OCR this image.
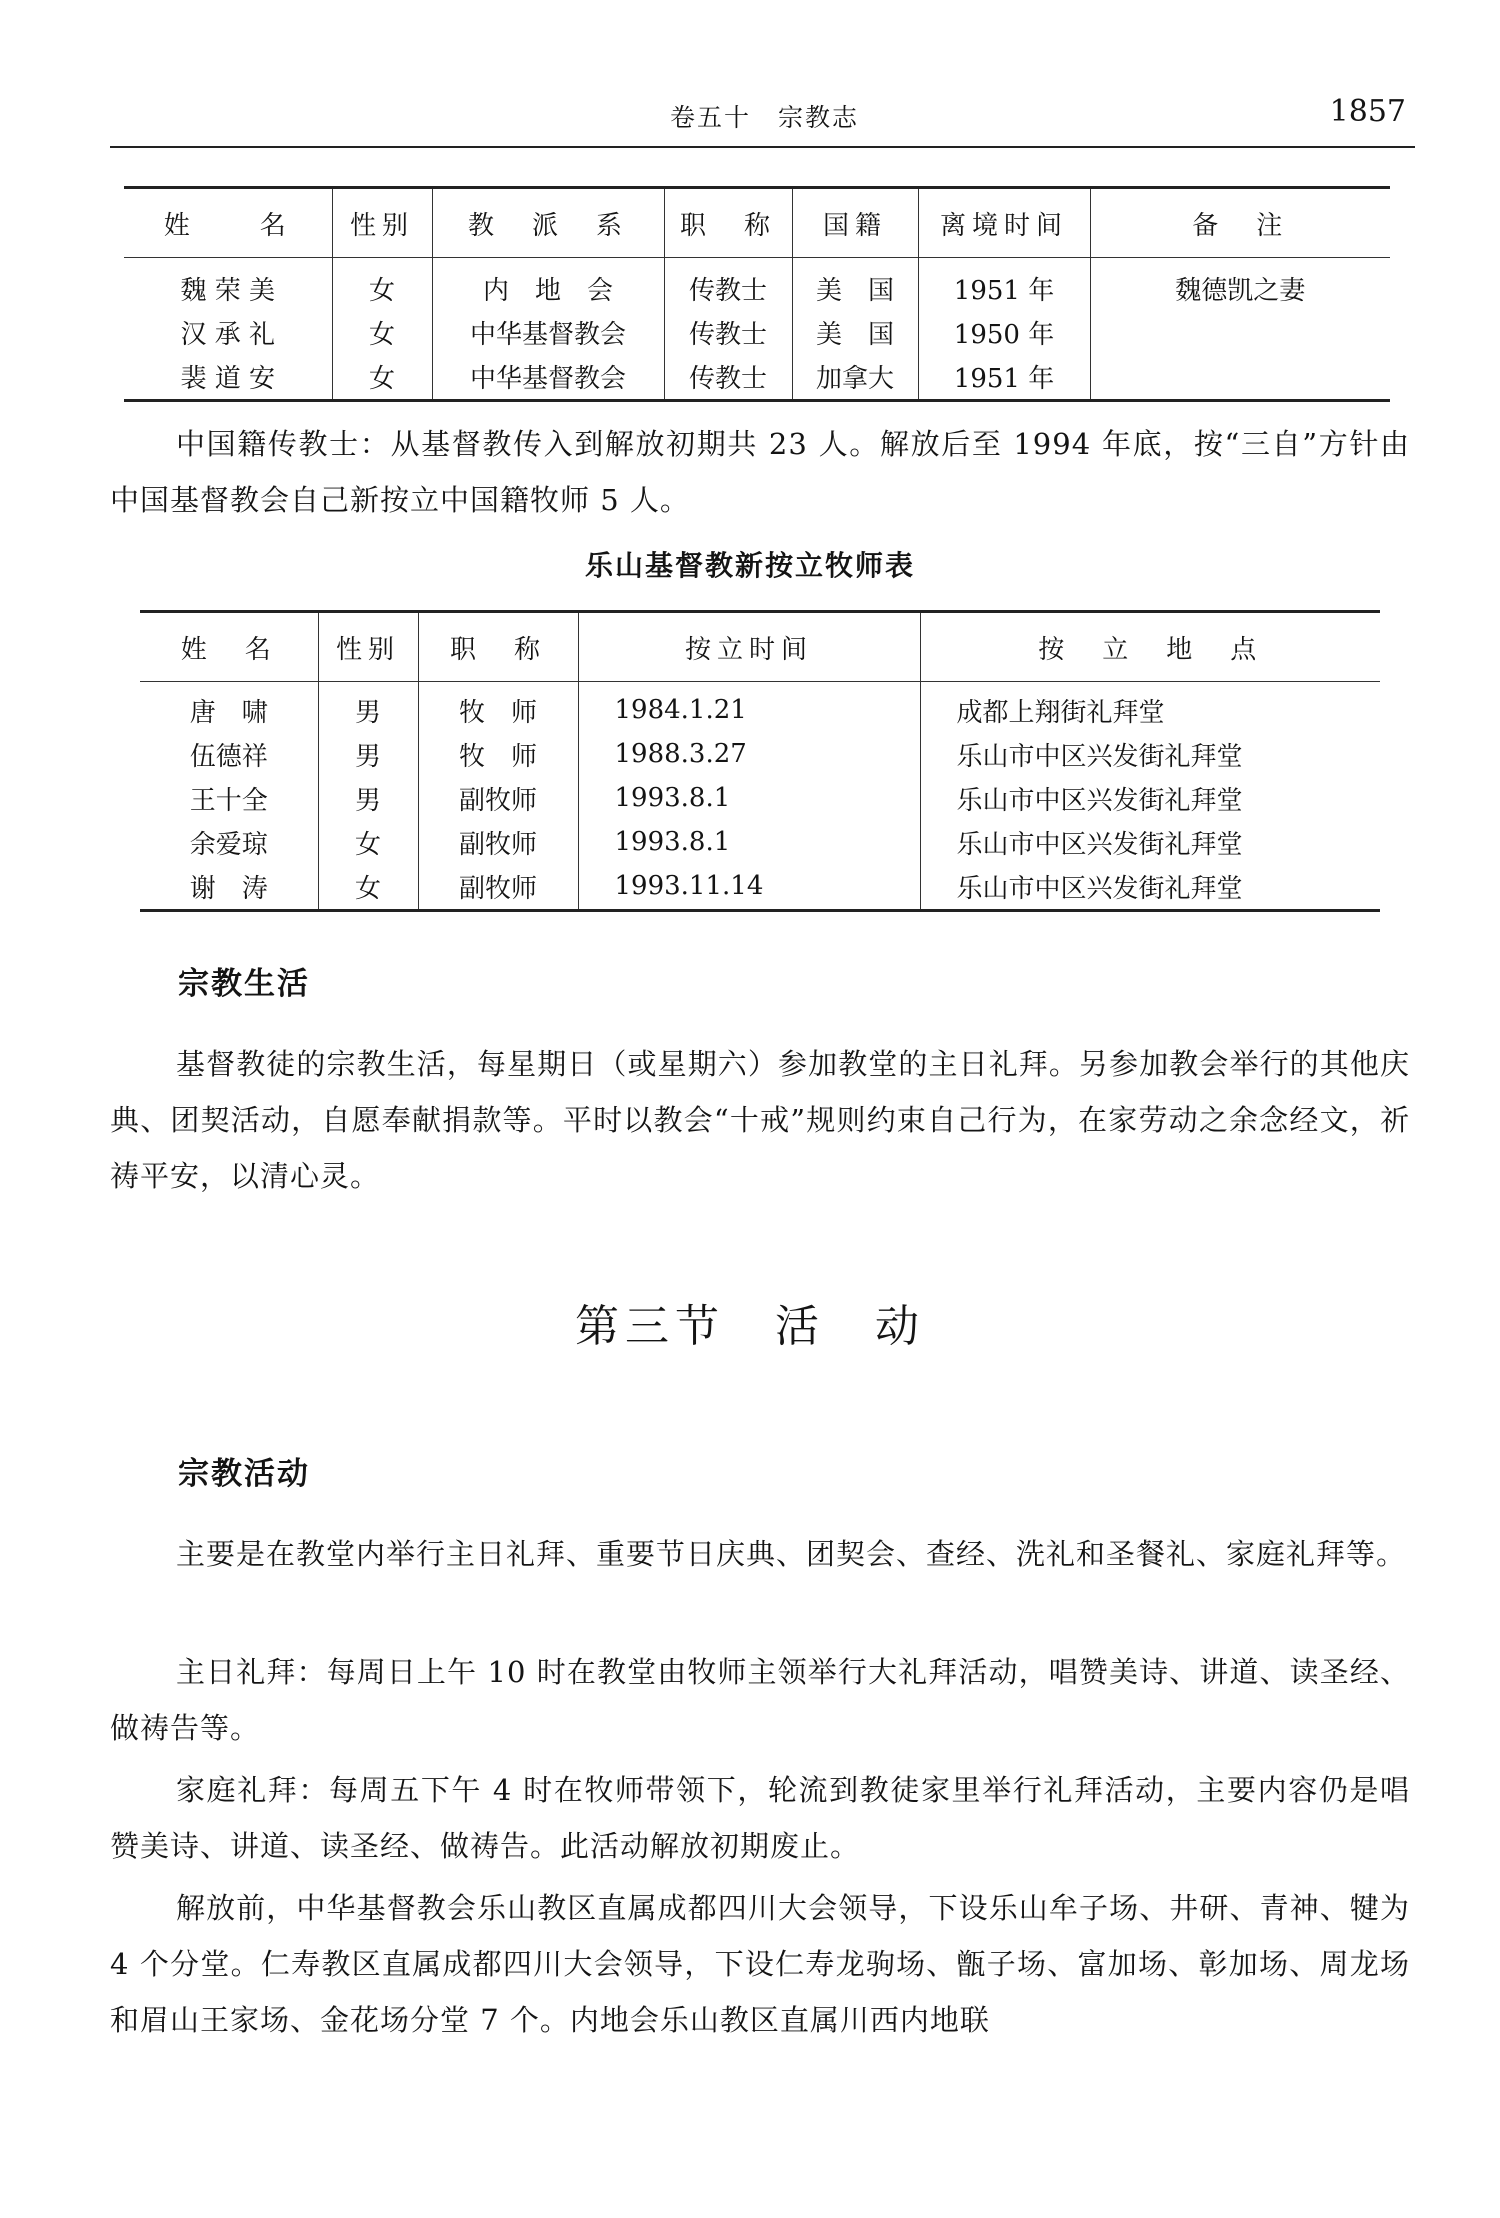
卷五十　宗教志	1857
姓　　名	性别	教　派　系	职　称	国籍	离境时间	备　注
魏 荣 美	女	内　地　会	传教士	美　国	1951 年	魏德凯之妻
汉 承 礼	女	中华基督教会	传教士	美　国	1950 年	
裴 道 安	女	中华基督教会	传教士	加拿大	1951 年	
中国籍传教士：从基督教传入到解放初期共 23 人。解放后至 1994 年底，按“三自”方针由中国基督教会自己新按立中国籍牧师 5 人。
乐山基督教新按立牧师表
姓　名	性别	职　称	按立时间	按　立　地　点
唐　啸	男	牧　师	1984.1.21	成都上翔街礼拜堂
伍德祥	男	牧　师	1988.3.27	乐山市中区兴发街礼拜堂
王十全	男	副牧师	1993.8.1	乐山市中区兴发街礼拜堂
余爱琼	女	副牧师	1993.8.1	乐山市中区兴发街礼拜堂
谢　涛	女	副牧师	1993.11.14	乐山市中区兴发街礼拜堂
宗教生活
基督教徒的宗教生活，每星期日（或星期六）参加教堂的主日礼拜。另参加教会举行的其他庆典、团契活动，自愿奉献捐款等。平时以教会“十戒”规则约束自己行为，在家劳动之余念经文，祈祷平安，以清心灵。
第三节　活　动
宗教活动
主要是在教堂内举行主日礼拜、重要节日庆典、团契会、查经、洗礼和圣餐礼、家庭礼拜等。
主日礼拜：每周日上午 10 时在教堂由牧师主领举行大礼拜活动，唱赞美诗、讲道、读圣经、做祷告等。
家庭礼拜：每周五下午 4 时在牧师带领下，轮流到教徒家里举行礼拜活动，主要内容仍是唱赞美诗、讲道、读圣经、做祷告。此活动解放初期废止。
解放前，中华基督教会乐山教区直属成都四川大会领导，下设乐山牟子场、井研、青神、犍为 4 个分堂。仁寿教区直属成都四川大会领导，下设仁寿龙驹场、甑子场、富加场、彰加场、周龙场和眉山王家场、金花场分堂 7 个。内地会乐山教区直属川西内地联
